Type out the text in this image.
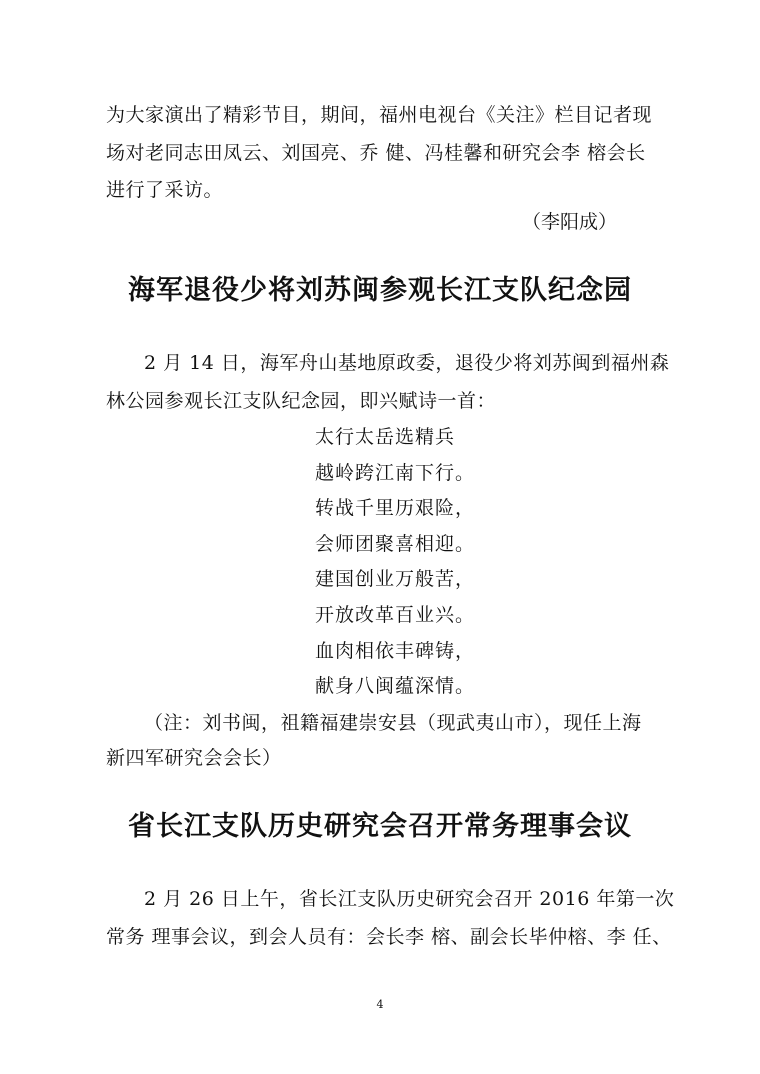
为大家演出了精彩节目，期间，福州电视台《关注》栏目记者现
场对老同志田凤云、刘国亮、乔 健、冯桂馨和研究会李 榕会长
进行了采访。
（李阳成）
海军退役少将刘苏闽参观长江支队纪念园
2 月 14 日，海军舟山基地原政委，退役少将刘苏闽到福州森
林公园参观长江支队纪念园，即兴赋诗一首：
太行太岳选精兵
越岭跨江南下行。
转战千里历艰险，
会师团聚喜相迎。
建国创业万般苦，
开放改革百业兴。
血肉相依丰碑铸，
献身八闽蕴深情。
（注：刘书闽，祖籍福建崇安县（现武夷山市），现任上海
新四军研究会会长）
省长江支队历史研究会召开常务理事会议
2 月 26 日上午，省长江支队历史研究会召开 2016 年第一次
常务 理事会议，到会人员有：会长李 榕、副会长毕仲榕、李 任、
4
